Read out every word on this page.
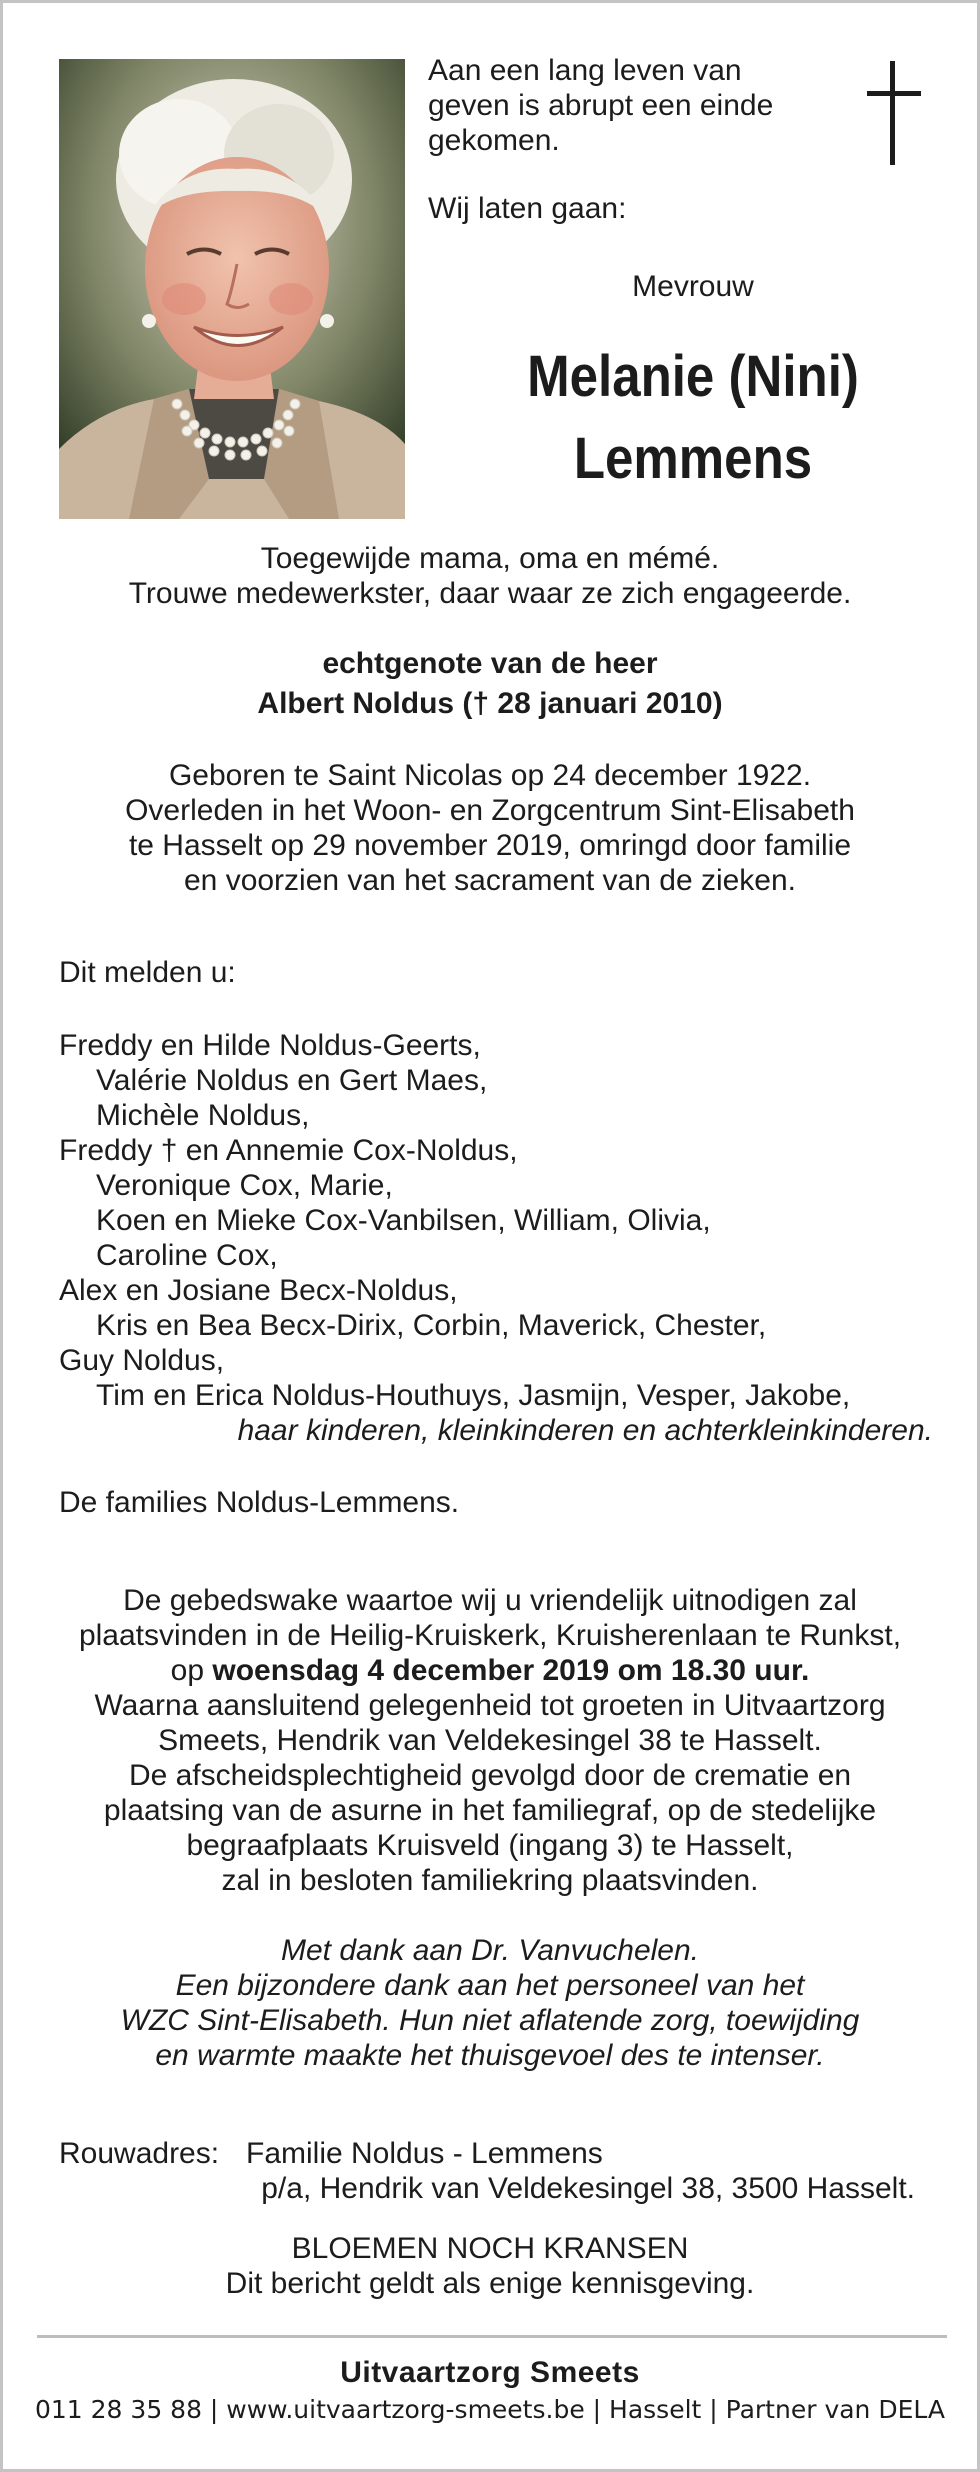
Aan een lang leven van
geven is abrupt een einde
gekomen.
Wij laten gaan:
Mevrouw
Melanie (Nini)
Lemmens
Toegewijde mama, oma en mémé.
Trouwe medewerkster, daar waar ze zich engageerde.
echtgenote van de heer
Albert Noldus († 28 januari 2010)
Geboren te Saint Nicolas op 24 december 1922.
Overleden in het Woon- en Zorgcentrum Sint-Elisabeth
te Hasselt op 29 november 2019, omringd door familie
en voorzien van het sacrament van de zieken.
Dit melden u:
Freddy en Hilde Noldus-Geerts,
Valérie Noldus en Gert Maes,
Michèle Noldus,
Freddy † en Annemie Cox-Noldus,
Veronique Cox, Marie,
Koen en Mieke Cox-Vanbilsen, William, Olivia,
Caroline Cox,
Alex en Josiane Becx-Noldus,
Kris en Bea Becx-Dirix, Corbin, Maverick, Chester,
Guy Noldus,
Tim en Erica Noldus-Houthuys, Jasmijn, Vesper, Jakobe,
haar kinderen, kleinkinderen en achterkleinkinderen.
De families Noldus-Lemmens.
De gebedswake waartoe wij u vriendelijk uitnodigen zal
plaatsvinden in de Heilig-Kruiskerk, Kruisherenlaan te Runkst,
op woensdag 4 december 2019 om 18.30 uur.
Waarna aansluitend gelegenheid tot groeten in Uitvaartzorg
Smeets, Hendrik van Veldekesingel 38 te Hasselt.
De afscheidsplechtigheid gevolgd door de crematie en
plaatsing van de asurne in het familiegraf, op de stedelijke
begraafplaats Kruisveld (ingang 3) te Hasselt,
zal in besloten familiekring plaatsvinden.
Met dank aan Dr. Vanvuchelen.
Een bijzondere dank aan het personeel van het
WZC Sint-Elisabeth. Hun niet aflatende zorg, toewijding
en warmte maakte het thuisgevoel des te intenser.
Rouwadres: Familie Noldus - Lemmens
p/a, Hendrik van Veldekesingel 38, 3500 Hasselt.
BLOEMEN NOCH KRANSEN
Dit bericht geldt als enige kennisgeving.
Uitvaartzorg Smeets
011 28 35 88 | www.uitvaartzorg-smeets.be | Hasselt | Partner van DELA
